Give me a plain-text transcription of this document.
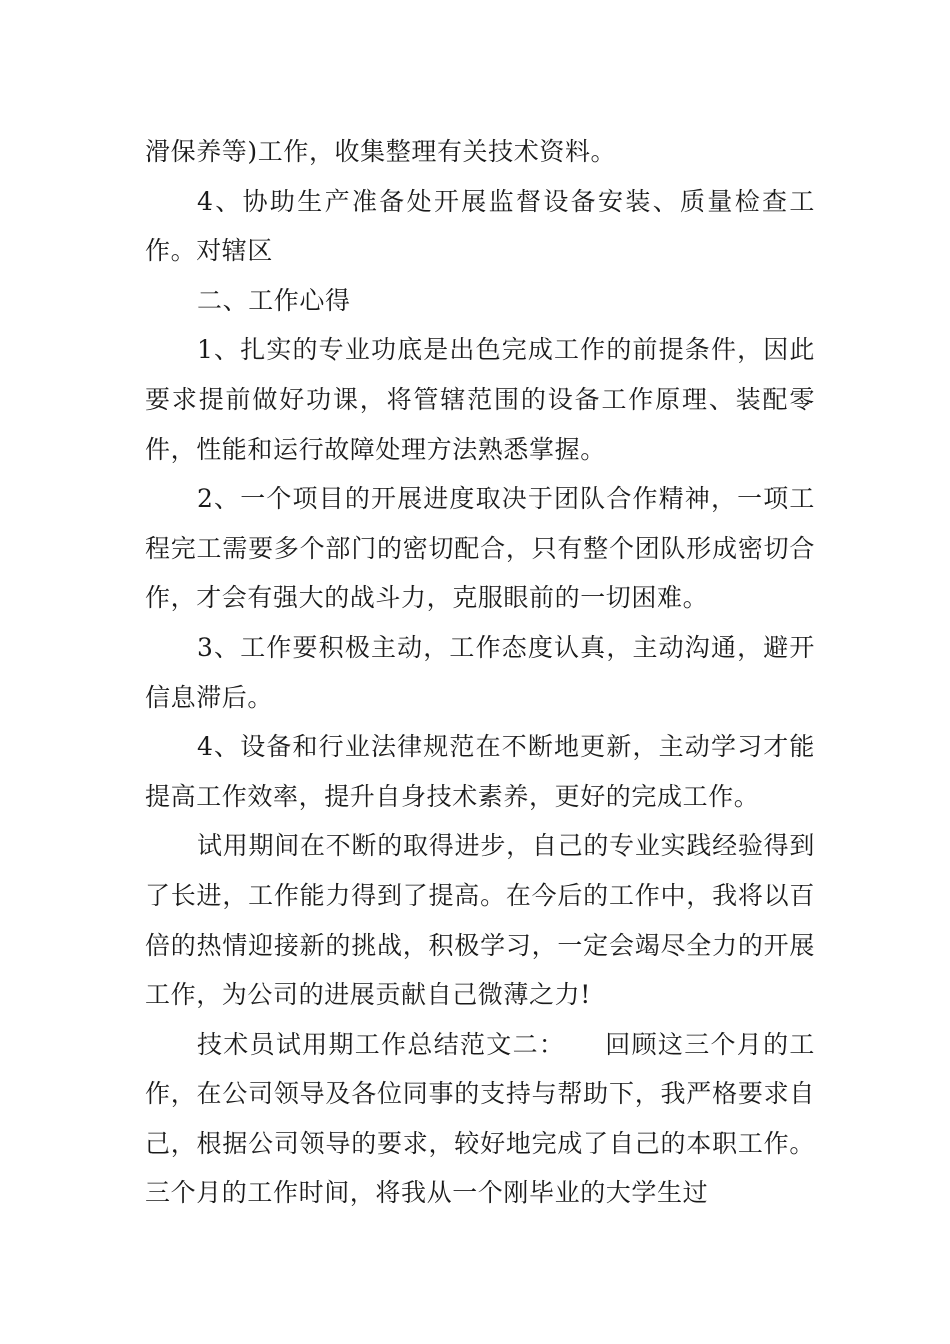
滑保养等)工作，收集整理有关技术资料。

4、协助生产准备处开展监督设备安装、质量检查工作。对辖区

二、工作心得

1、扎实的专业功底是出色完成工作的前提条件，因此要求提前做好功课，将管辖范围的设备工作原理、装配零件，性能和运行故障处理方法熟悉掌握。

2、一个项目的开展进度取决于团队合作精神，一项工程完工需要多个部门的密切配合，只有整个团队形成密切合作，才会有强大的战斗力，克服眼前的一切困难。

3、工作要积极主动，工作态度认真，主动沟通，避开信息滞后。

4、设备和行业法律规范在不断地更新，主动学习才能提高工作效率，提升自身技术素养，更好的完成工作。

试用期间在不断的取得进步，自己的专业实践经验得到了长进，工作能力得到了提高。在今后的工作中，我将以百倍的热情迎接新的挑战，积极学习，一定会竭尽全力的开展工作，为公司的进展贡献自己微薄之力!

技术员试用期工作总结范文二：　　回顾这三个月的工作，在公司领导及各位同事的支持与帮助下，我严格要求自己，根据公司领导的要求，较好地完成了自己的本职工作。三个月的工作时间，将我从一个刚毕业的大学生过
